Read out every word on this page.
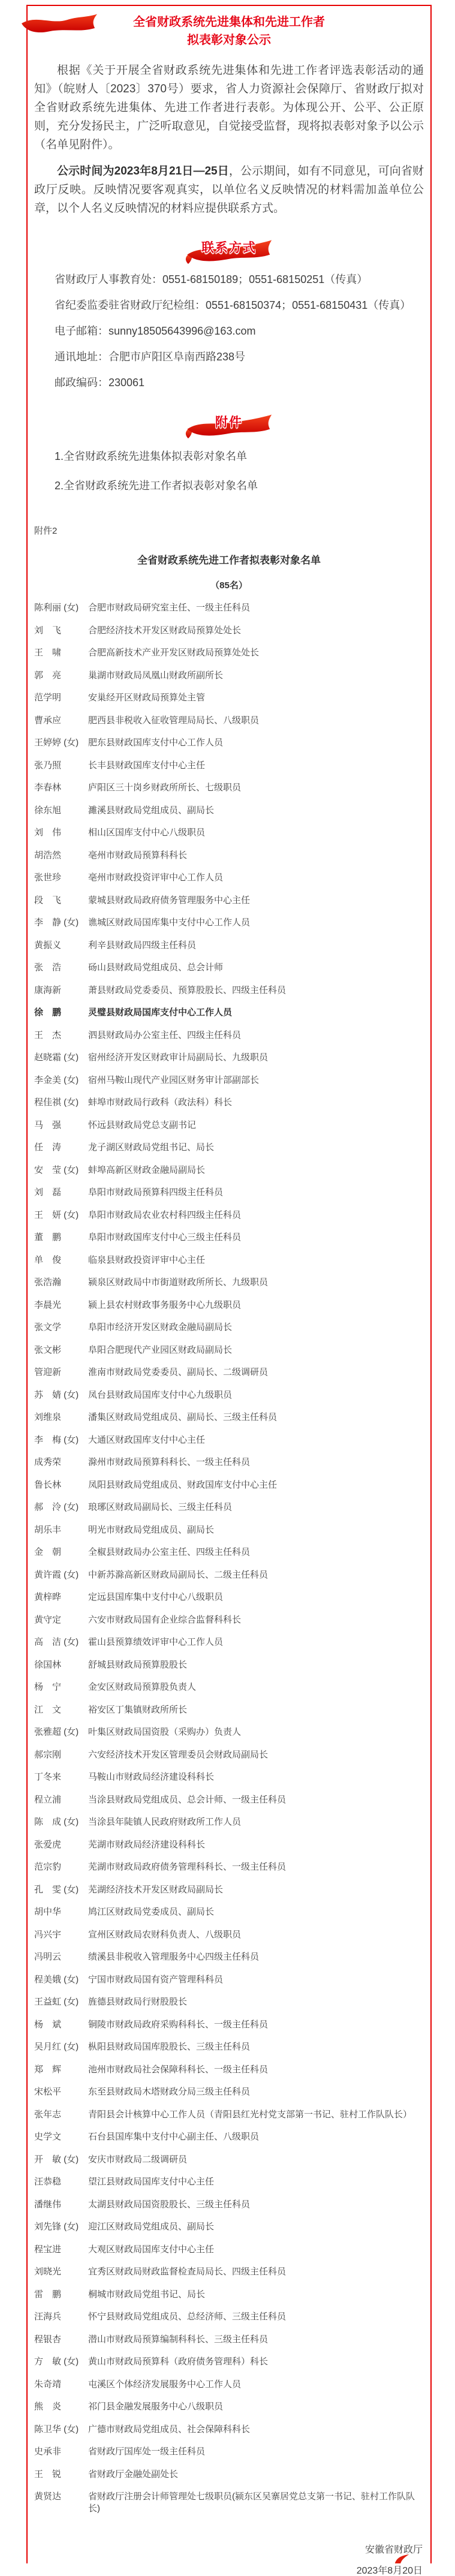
全省财政系统先进集体和先进工作者
拟表彰对象公示
根据《关于开展全省财政系统先进集体和先进工作者评选表彰活动的通知》（皖财人〔2023〕370号）要求，省人力资源社会保障厅、省财政厅拟对全省财政系统先进集体、先进工作者进行表彰。为体现公开、公平、公正原则，充分发扬民主，广泛听取意见，自觉接受监督，现将拟表彰对象予以公示（名单见附件）。
公示时间为2023年8月21日—25日，公示期间，如有不同意见，可向省财政厅反映。反映情况要客观真实，以单位名义反映情况的材料需加盖单位公章，以个人名义反映情况的材料应提供联系方式。
联系方式
省财政厅人事教育处：0551-68150189；0551-68150251（传真）
省纪委监委驻省财政厅纪检组：0551-68150374；0551-68150431（传真）
电子邮箱：sunny18505643996@163.com
通讯地址：合肥市庐阳区阜南西路238号
邮政编码：230061
附件
1.全省财政系统先进集体拟表彰对象名单
2.全省财政系统先进工作者拟表彰对象名单
附件2
全省财政系统先进工作者拟表彰对象名单
（85名）
陈利丽 (女)	合肥市财政局研究室主任、一级主任科员
刘　飞	合肥经济技术开发区财政局预算处处长
王　啸	合肥高新技术产业开发区财政局预算处处长
郭　亮	巢湖市财政局凤凰山财政所副所长
范学明	安巢经开区财政局预算处主管
曹承应	肥西县非税收入征收管理局局长、八级职员
王婷婷 (女)	肥东县财政国库支付中心工作人员
张乃照	长丰县财政国库支付中心主任
李春林	庐阳区三十岗乡财政所所长、七级职员
徐东旭	濉溪县财政局党组成员、副局长
刘　伟	相山区国库支付中心八级职员
胡浩然	亳州市财政局预算科科长
张世珍	亳州市财政投资评审中心工作人员
段　飞	蒙城县财政局政府债务管理服务中心主任
李　静 (女)	谯城区财政局国库集中支付中心工作人员
黄振义	利辛县财政局四级主任科员
张　浩	砀山县财政局党组成员、总会计师
康海新	萧县财政局党委委员、预算股股长、四级主任科员
徐　鹏	灵璧县财政局国库支付中心工作人员
王　杰	泗县财政局办公室主任、四级主任科员
赵晓霜 (女)	宿州经济开发区财政审计局副局长、九级职员
李金美 (女)	宿州马鞍山现代产业园区财务审计部副部长
程佳祺 (女)	蚌埠市财政局行政科（政法科）科长
马　强	怀远县财政局党总支副书记
任　涛	龙子湖区财政局党组书记、局长
安　莹 (女)	蚌埠高新区财政金融局副局长
刘　磊	阜阳市财政局预算科四级主任科员
王　妍 (女)	阜阳市财政局农业农村科四级主任科员
董　鹏	阜阳市财政国库支付中心三级主任科员
单　俊	临泉县财政投资评审中心主任
张浩瀚	颍泉区财政局中市街道财政所所长、九级职员
李晨光	颍上县农村财政事务服务中心九级职员
张文学	阜阳市经济开发区财政金融局副局长
张文彬	阜阳合肥现代产业园区财政局副局长
管迎新	淮南市财政局党委委员、副局长、二级调研员
苏　婧 (女)	凤台县财政局国库支付中心九级职员
刘维泉	潘集区财政局党组成员、副局长、三级主任科员
李　梅 (女)	大通区财政国库支付中心主任
成秀荣	滁州市财政局预算科科长、一级主任科员
鲁长林	凤阳县财政局党组成员、财政国库支付中心主任
郝　泠 (女)	琅琊区财政局副局长、三级主任科员
胡乐丰	明光市财政局党组成员、副局长
金　朝	全椒县财政局办公室主任、四级主任科员
黄许霞 (女)	中新苏滁高新区财政局副局长、二级主任科员
黄梓晔	定远县国库集中支付中心八级职员
黄守定	六安市财政局国有企业综合监督科科长
高　洁 (女)	霍山县预算绩效评审中心工作人员
徐国林	舒城县财政局预算股股长
杨　宁	金安区财政局预算股负责人
江　文	裕安区丁集镇财政所所长
张雅超 (女)	叶集区财政局国资股（采购办）负责人
郝宗刚	六安经济技术开发区管理委员会财政局副局长
丁冬来	马鞍山市财政局经济建设科科长
程立浦	当涂县财政局党组成员、总会计师、一级主任科员
陈　成 (女)	当涂县年陡镇人民政府财政所工作人员
张爱虎	芜湖市财政局经济建设科科长
范宗豹	芜湖市财政局政府债务管理科科长、一级主任科员
孔　雯 (女)	芜湖经济技术开发区财政局副局长
胡中华	鸠江区财政局党委成员、副局长
冯兴宇	宣州区财政局农财科负责人、八级职员
冯明云	绩溪县非税收入管理服务中心四级主任科员
程美娥 (女)	宁国市财政局国有资产管理科科员
王益虹 (女)	旌德县财政局行财股股长
杨　斌	铜陵市财政局政府采购科科长、一级主任科员
吴月红 (女)	枞阳县财政局国库股股长、三级主任科员
郑　辉	池州市财政局社会保障科科长、一级主任科员
宋松平	东至县财政局木塔财政分局三级主任科员
张年志	青阳县会计核算中心工作人员（青阳县红光村党支部第一书记、驻村工作队队长）
史学文	石台县国库集中支付中心副主任、八级职员
开　敏 (女)	安庆市财政局二级调研员
汪恭稳	望江县财政局国库支付中心主任
潘继伟	太湖县财政局国资股股长、三级主任科员
刘先锋 (女)	迎江区财政局党组成员、副局长
程宝进	大观区财政局国库支付中心主任
刘晓光	宜秀区财政局财政监督检查局局长、四级主任科员
雷　鹏	桐城市财政局党组书记、局长
汪海兵	怀宁县财政局党组成员、总经济师、三级主任科员
程银杏	潜山市财政局预算编制科科长、三级主任科员
方　敏 (女)	黄山市财政局预算科（政府债务管理科）科长
朱奇靖	屯溪区个体经济发展服务中心工作人员
熊　炎	祁门县金融发展服务中心八级职员
陈卫华 (女)	广德市财政局党组成员、社会保障科科长
史承非	省财政厅国库处一级主任科员
王　锐	省财政厅金融处副处长
黄贤达	省财政厅注册会计师管理处七级职员(颍东区吴寨居党总支第一书记、驻村工作队队长)
安徽省财政厅
2023年8月20日
